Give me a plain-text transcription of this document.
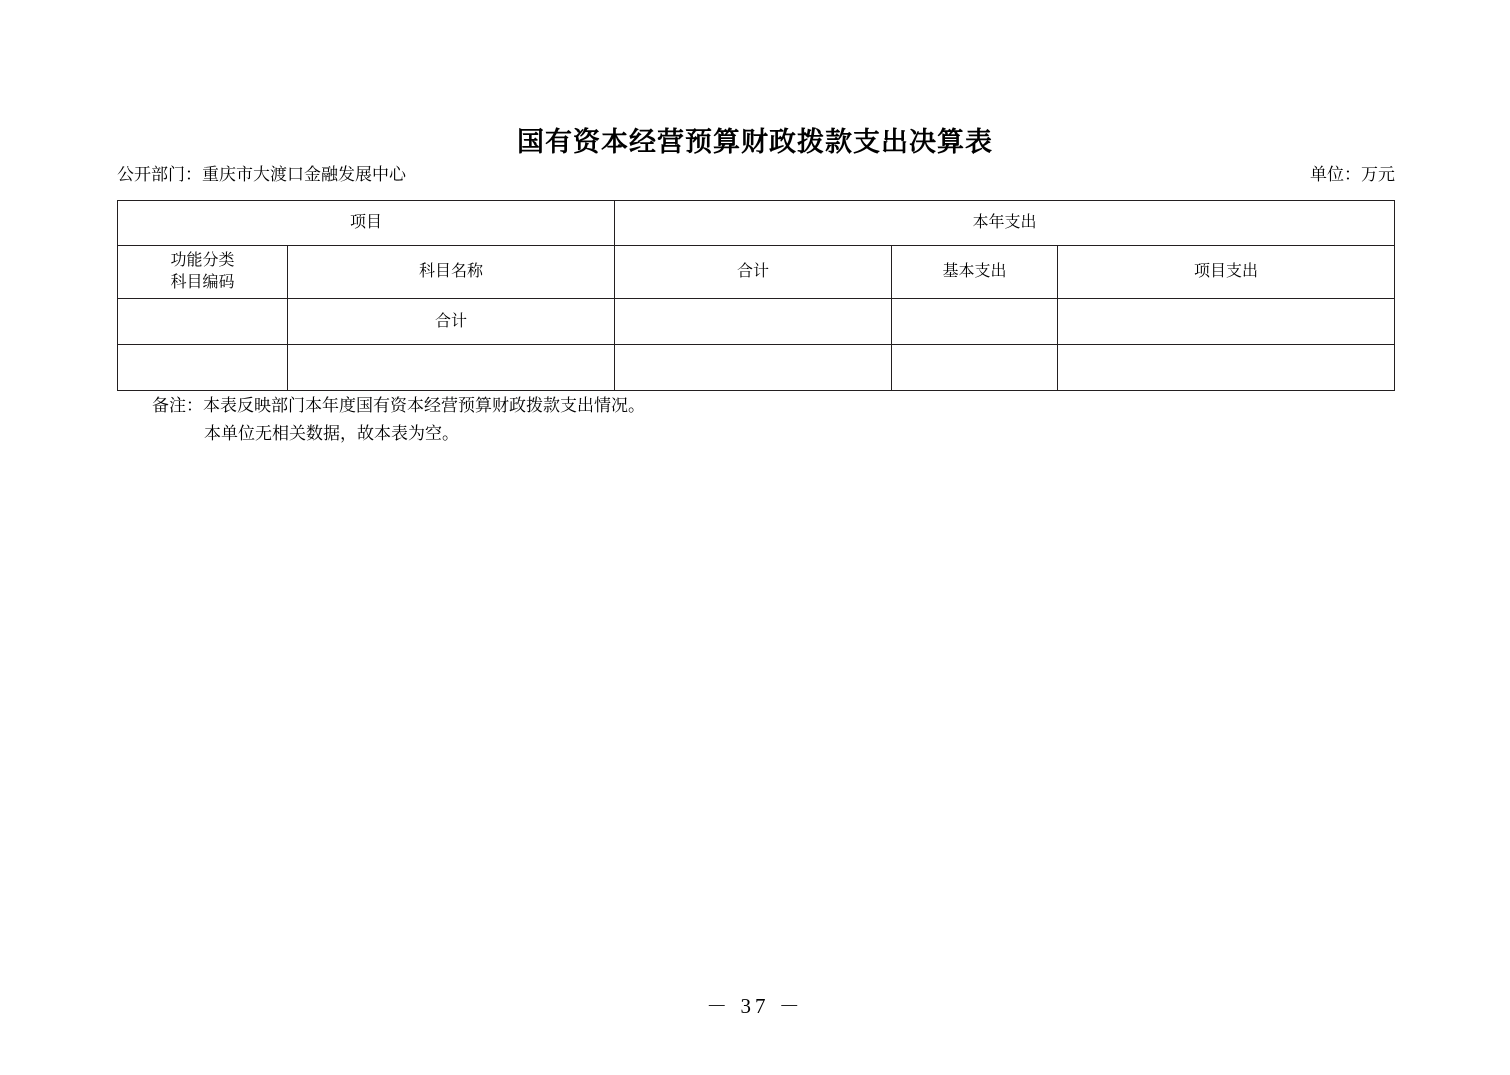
国有资本经营预算财政拨款支出决算表
公开部门：重庆市大渡口金融发展中心	单位：万元
项目		本年支出		

功能分类
科目编码	科目名称	合计	基本支出	项目支出
	合计			

备注：本表反映部门本年度国有资本经营预算财政拨款支出情况。
本单位无相关数据，故本表为空。
－ 37 －
